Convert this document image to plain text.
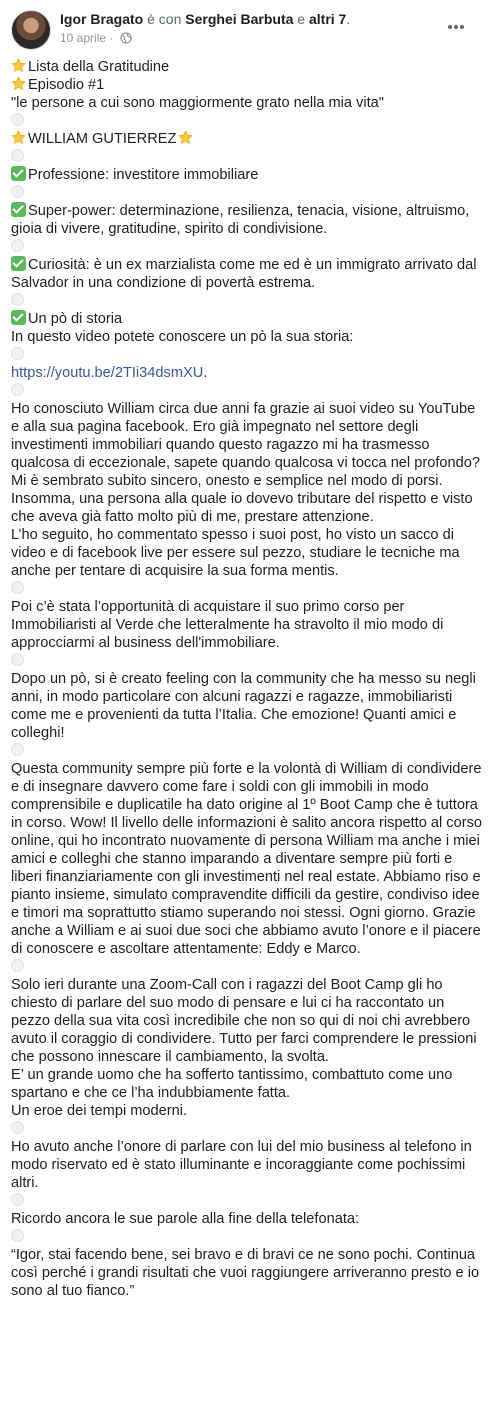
Igor Bragato è con Serghei Barbuta e altri 7.
10 aprile ·

Lista della Gratitudine

Episodio #1

"le persone a cui sono maggiormente grato nella mia vita"

WILLIAM GUTIERREZ

Professione: investitore immobiliare

Super-power: determinazione, resilienza, tenacia, visione, altruismo, gioia di vivere, gratitudine, spirito di condivisione.

Curiosità: è un ex marzialista come me ed è un immigrato arrivato dal Salvador in una condizione di povertà estrema.

Un pò di storia

In questo video potete conoscere un pò la sua storia:

https://youtu.be/2TIi34dsmXU.

Ho conosciuto William circa due anni fa grazie ai suoi video su YouTube e alla sua pagina facebook. Ero già impegnato nel settore degli investimenti immobiliari quando questo ragazzo mi ha trasmesso qualcosa di eccezionale, sapete quando qualcosa vi tocca nel profondo? Mi è sembrato subito sincero, onesto e semplice nel modo di porsi. Insomma, una persona alla quale io dovevo tributare del rispetto e visto che aveva già fatto molto più di me, prestare attenzione.

L’ho seguito, ho commentato spesso i suoi post, ho visto un sacco di video e di facebook live per essere sul pezzo, studiare le tecniche ma anche per tentare di acquisire la sua forma mentis.

Poi c’è stata l’opportunità di acquistare il suo primo corso per Immobiliaristi al Verde che letteralmente ha stravolto il mio modo di approcciarmi al business dell'immobiliare.

Dopo un pò, si è creato feeling con la community che ha messo su negli anni, in modo particolare con alcuni ragazzi e ragazze, immobiliaristi come me e provenienti da tutta l’Italia. Che emozione! Quanti amici e colleghi!

Questa community sempre più forte e la volontà di William di condividere e di insegnare davvero come fare i soldi con gli immobili in modo comprensibile e duplicatile ha dato origine al 1º Boot Camp che è tuttora in corso. Wow! Il livello delle informazioni è salito ancora rispetto al corso online, qui ho incontrato nuovamente di persona William ma anche i miei amici e colleghi che stanno imparando a diventare sempre più forti e liberi finanziariamente con gli investimenti nel real estate. Abbiamo riso e pianto insieme, simulato compravendite difficili da gestire, condiviso idee e timori ma soprattutto stiamo superando noi stessi. Ogni giorno. Grazie anche a William e ai suoi due soci che abbiamo avuto l’onore e il piacere di conoscere e ascoltare attentamente: Eddy e Marco.

Solo ieri durante una Zoom-Call con i ragazzi del Boot Camp gli ho chiesto di parlare del suo modo di pensare e lui ci ha raccontato un pezzo della sua vita così incredibile che non so qui di noi chi avrebbero avuto il coraggio di condividere. Tutto per farci comprendere le pressioni che possono innescare il cambiamento, la svolta.

E’ un grande uomo che ha sofferto tantissimo, combattuto come uno spartano e che ce l’ha indubbiamente fatta.

Un eroe dei tempi moderni.

Ho avuto anche l’onore di parlare con lui del mio business al telefono in modo riservato ed è stato illuminante e incoraggiante come pochissimi altri.

Ricordo ancora le sue parole alla fine della telefonata:

“Igor, stai facendo bene, sei bravo e di bravi ce ne sono pochi. Continua così perché i grandi risultati che vuoi raggiungere arriveranno presto e io sono al tuo fianco.”
